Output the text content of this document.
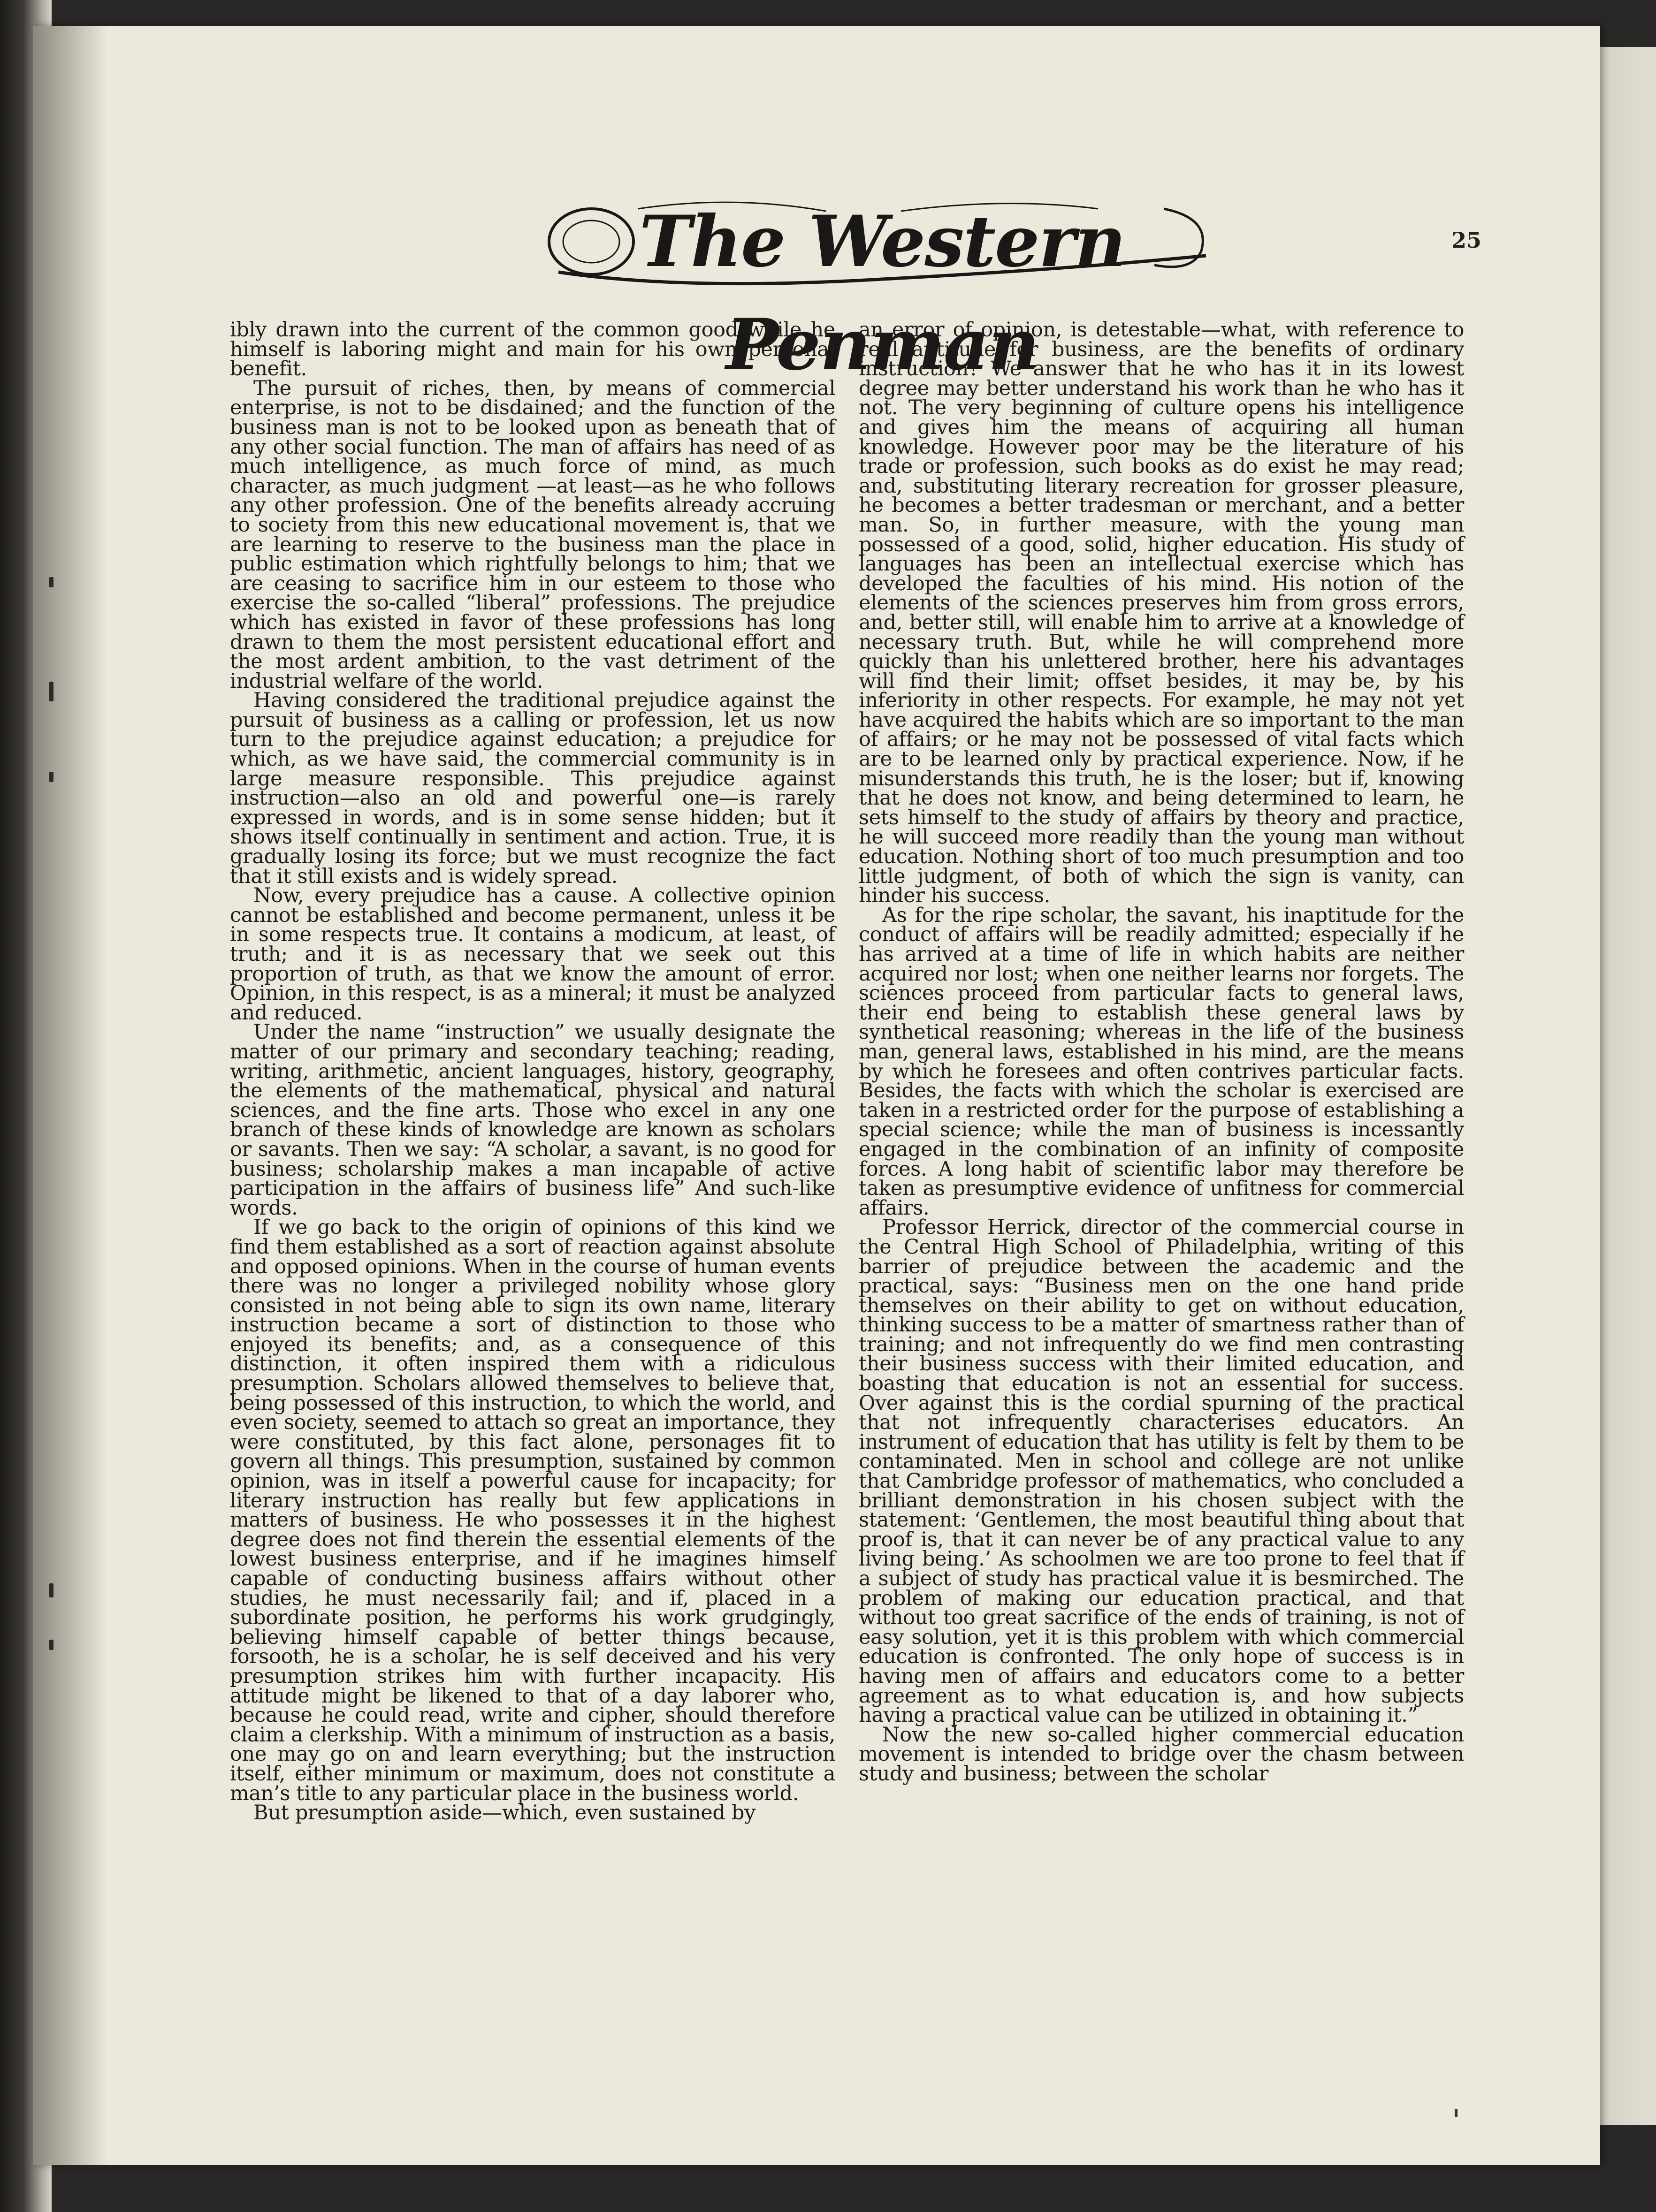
The Western Penman
25

ibly drawn into the current of the common good while he himself is laboring might and main for his own personal benefit.

The pursuit of riches, then, by means of commercial enterprise, is not to be disdained; and the function of the business man is not to be looked upon as beneath that of any other social function. The man of affairs has need of as much intelligence, as much force of mind, as much character, as much judgment —at least—as he who follows any other profession. One of the benefits already accruing to society from this new educational movement is, that we are learning to reserve to the business man the place in public estimation which rightfully belongs to him; that we are ceasing to sacrifice him in our esteem to those who exercise the so-called “liberal” professions. The prejudice which has existed in favor of these professions has long drawn to them the most persistent educational effort and the most ardent ambition, to the vast detriment of the industrial welfare of the world.

Having considered the traditional prejudice against the pursuit of business as a calling or profession, let us now turn to the prejudice against education; a prejudice for which, as we have said, the commercial community is in large measure responsible. This prejudice against instruction—also an old and powerful one—is rarely expressed in words, and is in some sense hidden; but it shows itself continually in sentiment and action. True, it is gradually losing its force; but we must recognize the fact that it still exists and is widely spread.

Now, every prejudice has a cause. A collective opinion cannot be established and become permanent, unless it be in some respects true. It contains a modicum, at least, of truth; and it is as necessary that we seek out this proportion of truth, as that we know the amount of error. Opinion, in this respect, is as a mineral; it must be analyzed and reduced.

Under the name “instruction” we usually designate the matter of our primary and secondary teaching; reading, writing, arithmetic, ancient languages, history, geography, the elements of the mathematical, physical and natural sciences, and the fine arts. Those who excel in any one branch of these kinds of knowledge are known as scholars or savants. Then we say: “A scholar, a savant, is no good for business; scholarship makes a man incapable of active participation in the affairs of business life” And such-like words.

If we go back to the origin of opinions of this kind we find them established as a sort of reaction against absolute and opposed opinions. When in the course of human events there was no longer a privileged nobility whose glory consisted in not being able to sign its own name, literary instruction became a sort of distinction to those who enjoyed its benefits; and, as a consequence of this distinction, it often inspired them with a ridiculous presumption. Scholars allowed themselves to believe that, being possessed of this instruction, to which the world, and even society, seemed to attach so great an importance, they were constituted, by this fact alone, personages fit to govern all things. This presumption, sustained by common opinion, was in itself a powerful cause for incapacity; for literary instruction has really but few applications in matters of business. He who possesses it in the highest degree does not find therein the essential elements of the lowest business enterprise, and if he imagines himself capable of conducting business affairs without other studies, he must necessarily fail; and if, placed in a subordinate position, he performs his work grudgingly, believing himself capable of better things because, forsooth, he is a scholar, he is self deceived and his very presumption strikes him with further incapacity. His attitude might be likened to that of a day laborer who, because he could read, write and cipher, should therefore claim a clerkship. With a minimum of instruction as a basis, one may go on and learn everything; but the instruction itself, either minimum or maximum, does not constitute a man’s title to any particular place in the business world.

But presumption aside—which, even sustained by

an error of opinion, is detestable—what, with reference to real aptitude for business, are the benefits of ordinary instruction? We answer that he who has it in its lowest degree may better understand his work than he who has it not. The very beginning of culture opens his intelligence and gives him the means of acquiring all human knowledge. However poor may be the literature of his trade or profession, such books as do exist he may read; and, substituting literary recreation for grosser pleasure, he becomes a better tradesman or merchant, and a better man. So, in further measure, with the young man possessed of a good, solid, higher education. His study of languages has been an intellectual exercise which has developed the faculties of his mind. His notion of the elements of the sciences preserves him from gross errors, and, better still, will enable him to arrive at a knowledge of necessary truth. But, while he will comprehend more quickly than his unlettered brother, here his advantages will find their limit; offset besides, it may be, by his inferiority in other respects. For example, he may not yet have acquired the habits which are so important to the man of affairs; or he may not be possessed of vital facts which are to be learned only by practical experience. Now, if he misunderstands this truth, he is the loser; but if, knowing that he does not know, and being determined to learn, he sets himself to the study of affairs by theory and practice, he will succeed more readily than the young man without education. Nothing short of too much presumption and too little judgment, of both of which the sign is vanity, can hinder his success.

As for the ripe scholar, the savant, his inaptitude for the conduct of affairs will be readily admitted; especially if he has arrived at a time of life in which habits are neither acquired nor lost; when one neither learns nor forgets. The sciences proceed from particular facts to general laws, their end being to establish these general laws by synthetical reasoning; whereas in the life of the business man, general laws, established in his mind, are the means by which he foresees and often contrives particular facts. Besides, the facts with which the scholar is exercised are taken in a restricted order for the purpose of establishing a special science; while the man of business is incessantly engaged in the combination of an infinity of composite forces. A long habit of scientific labor may therefore be taken as presumptive evidence of unfitness for commercial affairs.

Professor Herrick, director of the commercial course in the Central High School of Philadelphia, writing of this barrier of prejudice between the academic and the practical, says: “Business men on the one hand pride themselves on their ability to get on without education, thinking success to be a matter of smartness rather than of training; and not infrequently do we find men contrasting their business success with their limited education, and boasting that education is not an essential for success. Over against this is the cordial spurning of the practical that not infrequently characterises educators. An instrument of education that has utility is felt by them to be contaminated. Men in school and college are not unlike that Cambridge professor of mathematics, who concluded a brilliant demonstration in his chosen subject with the statement: ‘Gentlemen, the most beautiful thing about that proof is, that it can never be of any practical value to any living being.’ As schoolmen we are too prone to feel that if a subject of study has practical value it is besmirched. The problem of making our education practical, and that without too great sacrifice of the ends of training, is not of easy solution, yet it is this problem with which commercial education is confronted. The only hope of success is in having men of affairs and educators come to a better agreement as to what education is, and how subjects having a practical value can be utilized in obtaining it.”

Now the new so-called higher commercial education movement is intended to bridge over the chasm between study and business; between the scholar
